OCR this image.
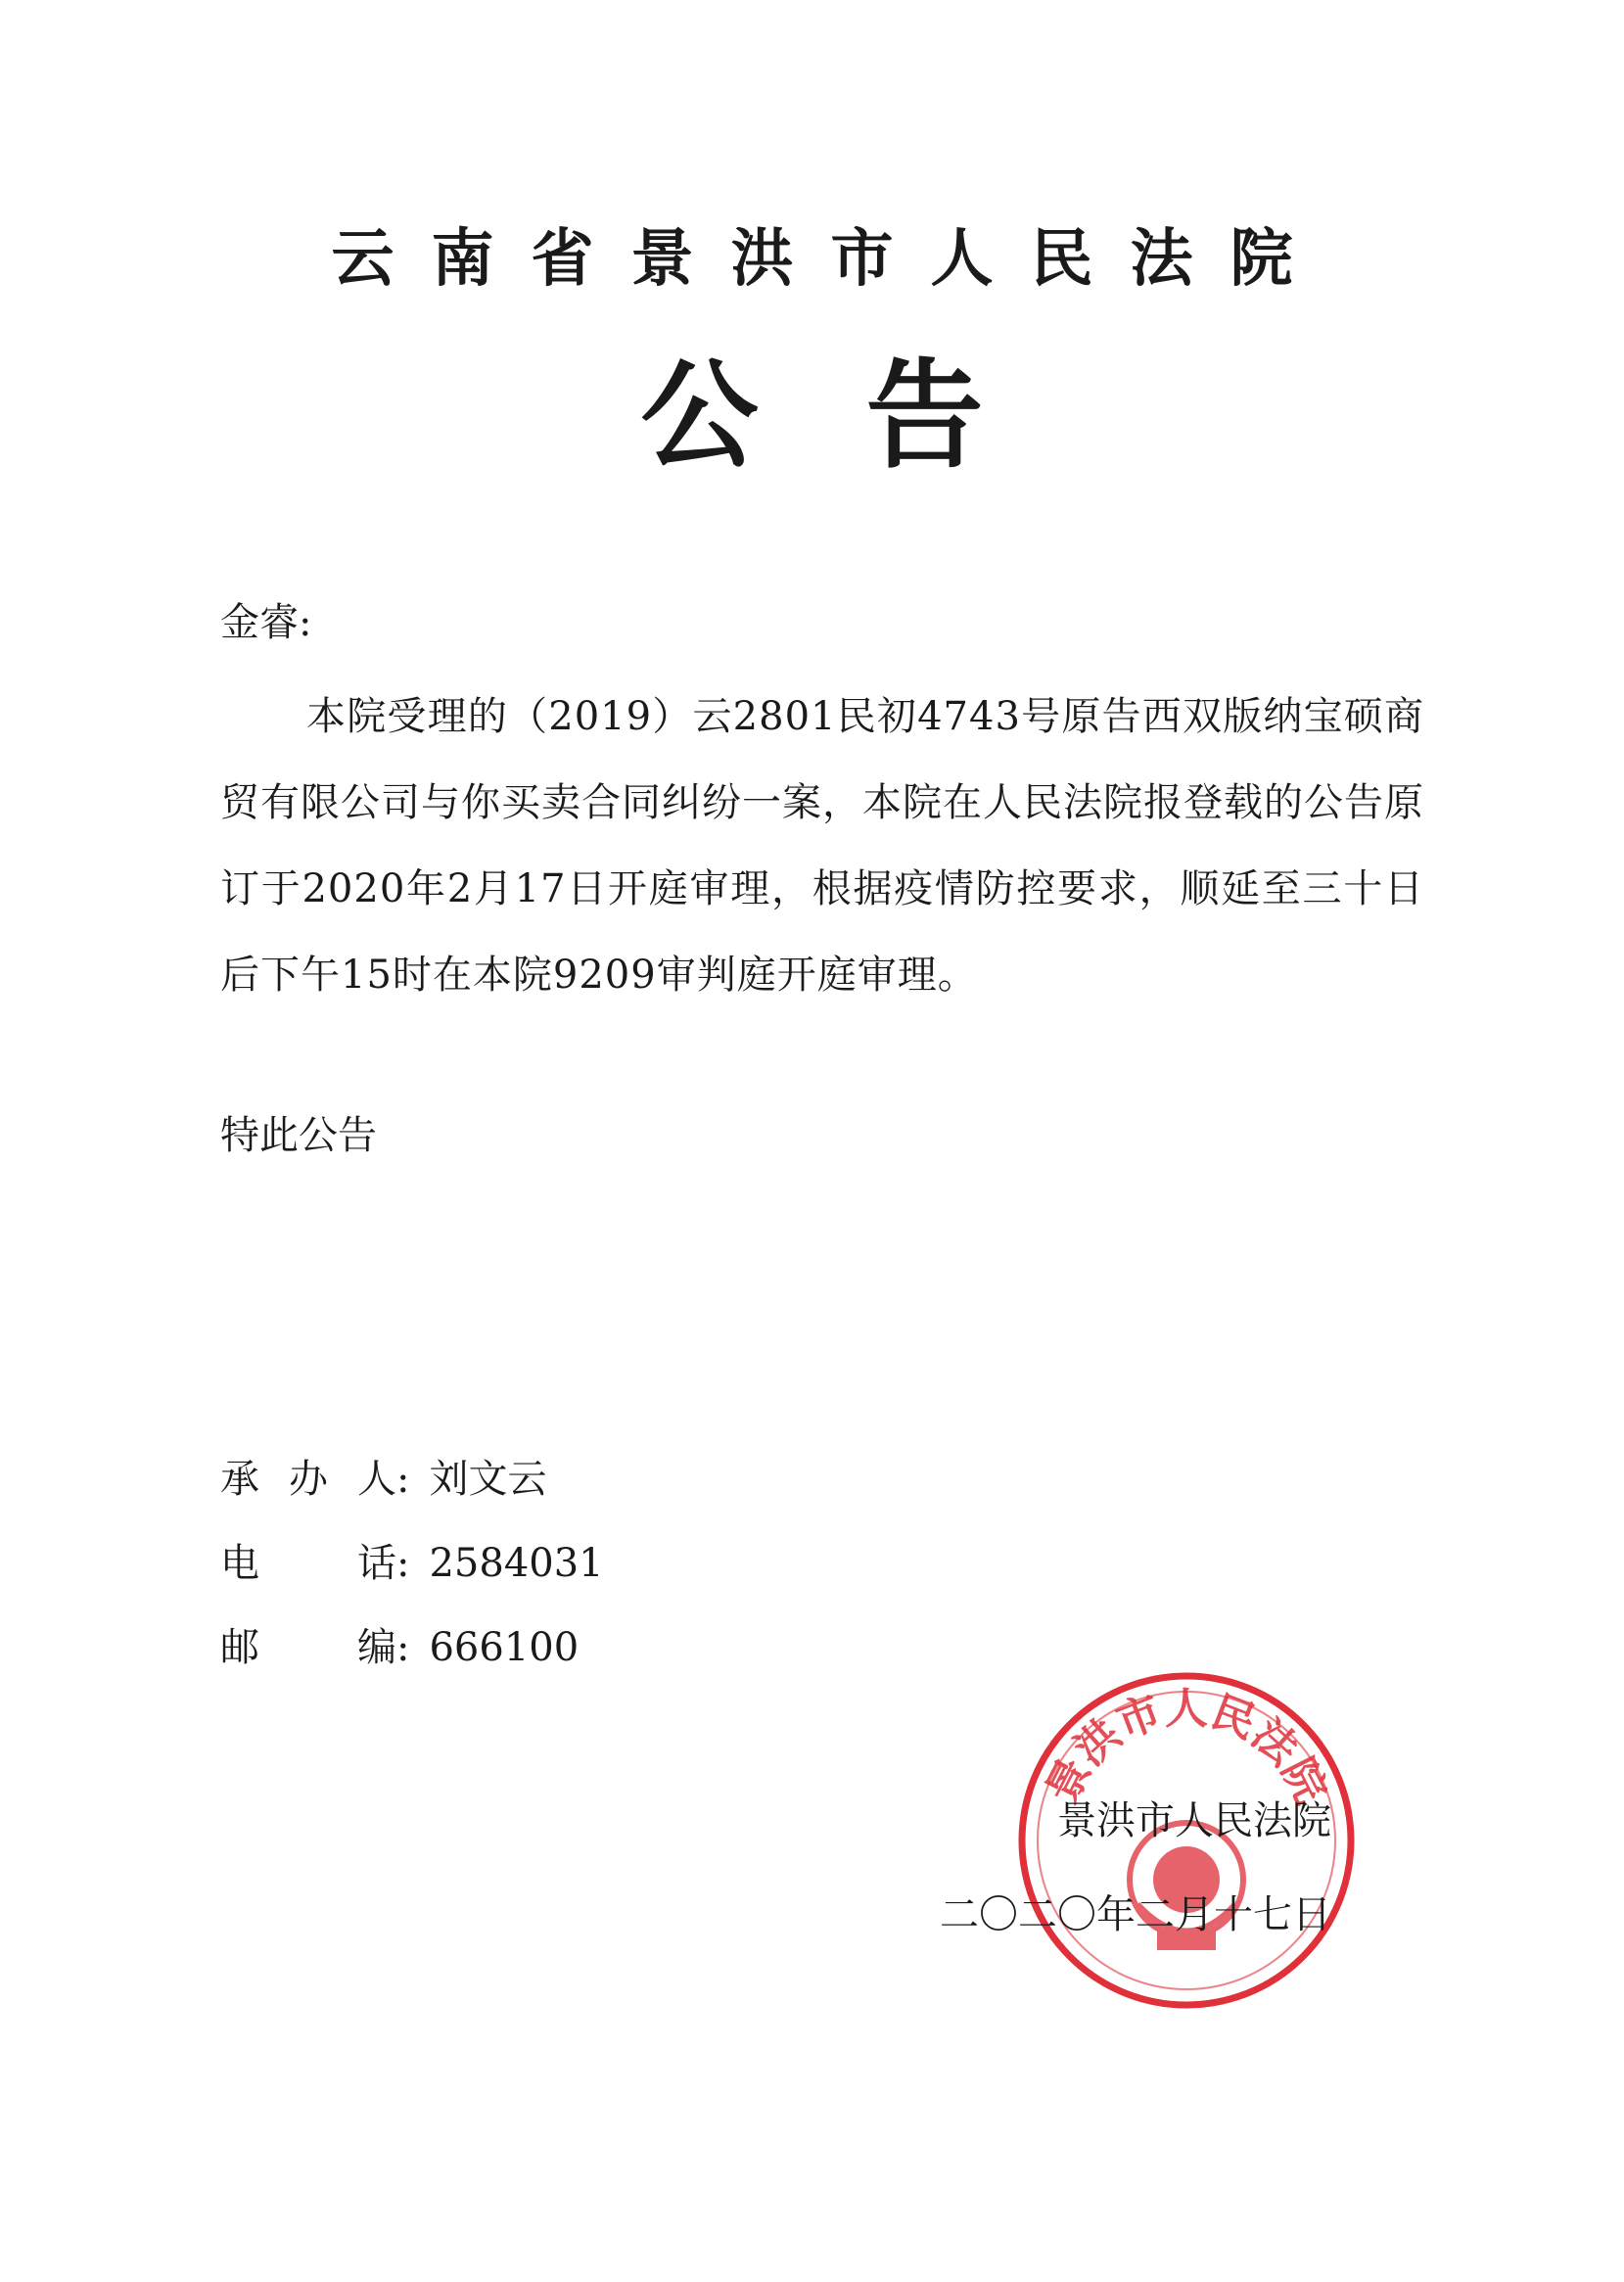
云南省景洪市人民法院
公告
金睿:
本院受理的（2019）云2801民初4743号原告西双版纳宝硕商贸有限公司与你买卖合同纠纷一案，本院在人民法院报登载的公告原订于2020年2月17日开庭审理，根据疫情防控要求，顺延至三十日后下午15时在本院9209审判庭开庭审理。
特此公告
承办人 : 刘文云
电话 : 2584031
邮编 : 666100
景洪市人民法院
景洪市人民法院
二〇二〇年二月十七日
